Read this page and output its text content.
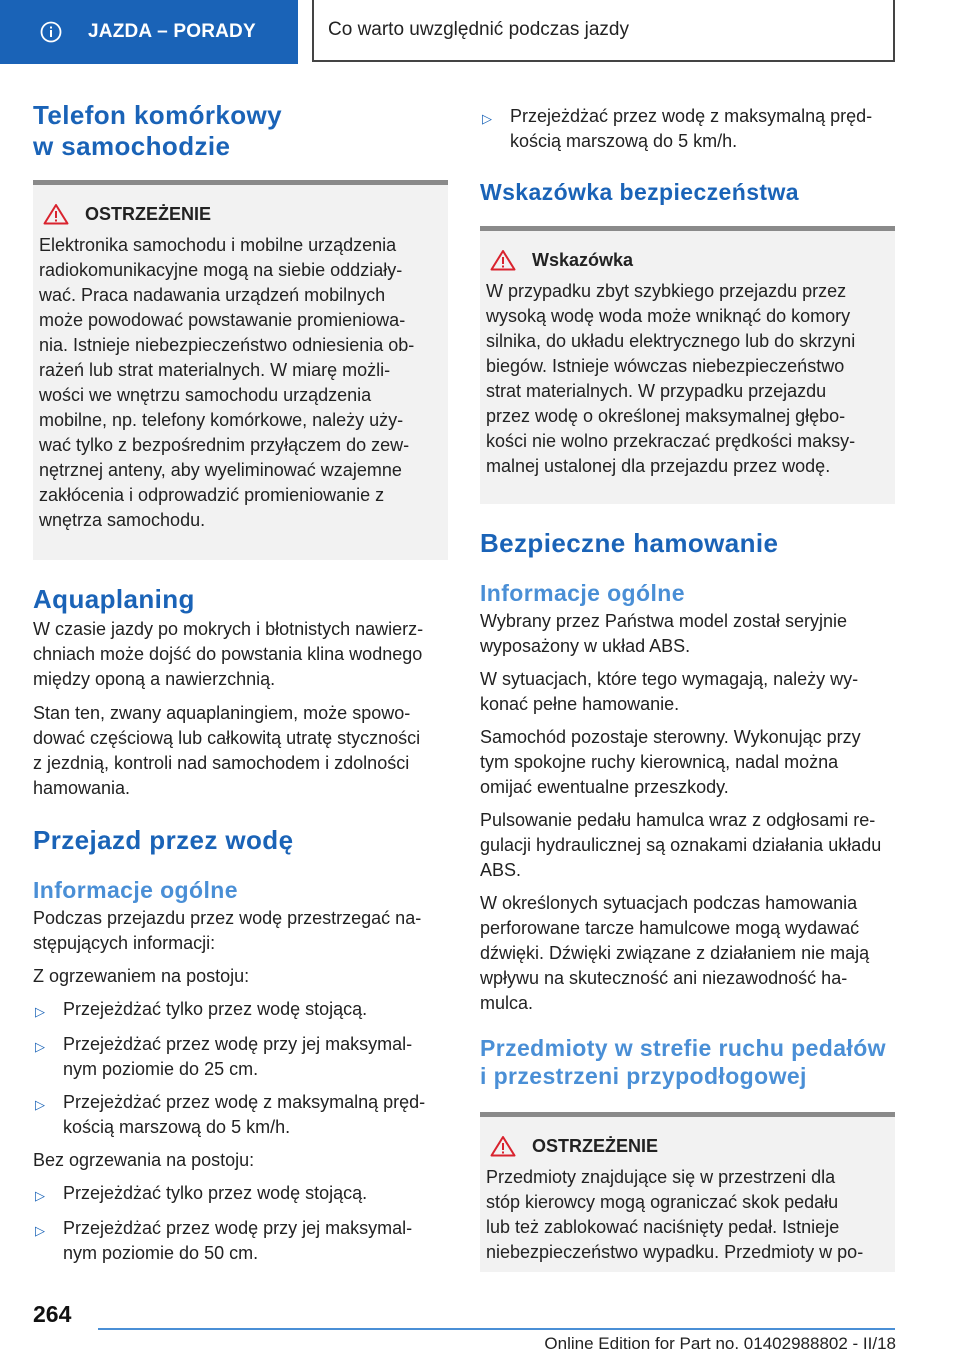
JAZDA – PORADY	Co warto uwzględnić podczas jazdy
Telefon komórkowy
w samochodzie
OSTRZEŻENIE

Elektronika samochodu i mobilne urządzenia
radiokomunikacyjne mogą na siebie oddziały-
wać. Praca nadawania urządzeń mobilnych
może powodować powstawanie promieniowa-
nia. Istnieje niebezpieczeństwo odniesienia ob-
rażeń lub strat materialnych. W miarę możli-
wości we wnętrzu samochodu urządzenia
mobilne, np. telefony komórkowe, należy uży-
wać tylko z bezpośrednim przyłączem do zew-
nętrznej anteny, aby wyeliminować wzajemne
zakłócenia i odprowadzić promieniowanie z
wnętrza samochodu.

Aquaplaning

W czasie jazdy po mokrych i błotnistych nawierz-
chniach może dojść do powstania klina wodnego
między oponą a nawierzchnią.

Stan ten, zwany aquaplaningiem, może spowo-
dować częściową lub całkowitą utratę styczności
z jezdnią, kontroli nad samochodem i zdolności
hamowania.

Przejazd przez wodę
Informacje ogólne

Podczas przejazdu przez wodę przestrzegać na-
stępujących informacji:

Z ogrzewaniem na postoju:

▷	Przejeżdżać tylko przez wodę stojącą.
▷	Przejeżdżać przez wodę przy jej maksymal-
nym poziomie do 25 cm.
▷	Przejeżdżać przez wodę z maksymalną pręd-
kością marszową do 5 km/h.

Bez ogrzewania na postoju:

▷	Przejeżdżać tylko przez wodę stojącą.
▷	Przejeżdżać przez wodę przy jej maksymal-
nym poziomie do 50 cm.
▷	Przejeżdżać przez wodę z maksymalną pręd-
kością marszową do 5 km/h.
Wskazówka bezpieczeństwa
Wskazówka

W przypadku zbyt szybkiego przejazdu przez
wysoką wodę woda może wniknąć do komory
silnika, do układu elektrycznego lub do skrzyni
biegów. Istnieje wówczas niebezpieczeństwo
strat materialnych. W przypadku przejazdu
przez wodę o określonej maksymalnej głębo-
kości nie wolno przekraczać prędkości maksy-
malnej ustalonej dla przejazdu przez wodę.

Bezpieczne hamowanie
Informacje ogólne

Wybrany przez Państwa model został seryjnie
wyposażony w układ ABS.

W sytuacjach, które tego wymagają, należy wy-
konać pełne hamowanie.

Samochód pozostaje sterowny. Wykonując przy
tym spokojne ruchy kierownicą, nadal można
omijać ewentualne przeszkody.

Pulsowanie pedału hamulca wraz z odgłosami re-
gulacji hydraulicznej są oznakami działania układu
ABS.

W określonych sytuacjach podczas hamowania
perforowane tarcze hamulcowe mogą wydawać
dźwięki. Dźwięki związane z działaniem nie mają
wpływu na skuteczność ani niezawodność ha-
mulca.

Przedmioty w strefie ruchu pedałów
i przestrzeni przypodłogowej
OSTRZEŻENIE

Przedmioty znajdujące się w przestrzeni dla
stóp kierowcy mogą ograniczać skok pedału
lub też zablokować naciśnięty pedał. Istnieje
niebezpieczeństwo wypadku. Przedmioty w po-

264
Online Edition for Part no. 01402988802 - II/18
